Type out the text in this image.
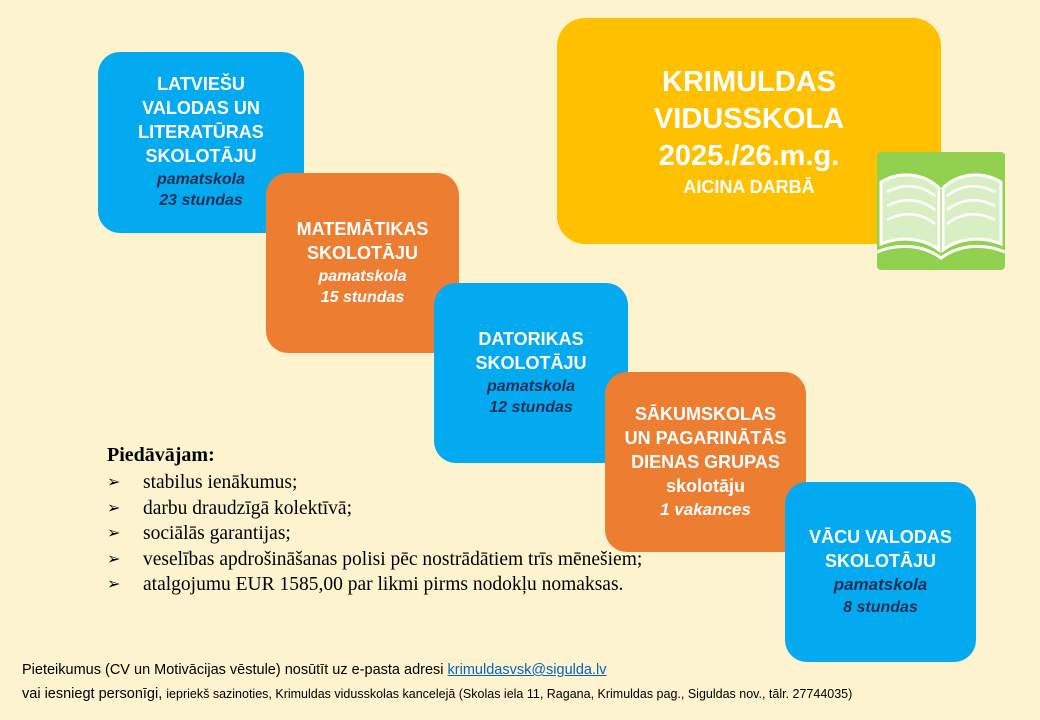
LATVIEŠU
VALODAS UN
LITERATŪRAS
SKOLOTĀJU
pamatskola
23 stundas
MATEMĀTIKAS
SKOLOTĀJU
pamatskola
15 stundas
DATORIKAS
SKOLOTĀJU
pamatskola
12 stundas	SĀKUMSKOLAS
UN PAGARINĀTĀS
DIENAS GRUPAS
skolotāju
1 vakances
VĀCU VALODAS
SKOLOTĀJU
pamatskola
8 stundas
KRIMULDAS
VIDUSSKOLA
2025./26.m.g.
AICINA DARBĀ
Piedāvājam:
➢	stabilus ienākumus;
➢	darbu draudzīgā kolektīvā;
➢	sociālās garantijas;
➢	veselības apdrošināšanas polisi pēc nostrādātiem trīs mēnešiem;
➢	atalgojumu EUR 1585,00 par likmi pirms nodokļu nomaksas.
Pieteikumus (CV un Motivācijas vēstule) nosūtīt uz e-pasta adresi krimuldasvsk@sigulda.lv
vai iesniegt personīgi, iepriekš sazinoties, Krimuldas vidusskolas kancelejā (Skolas iela 11, Ragana, Krimuldas pag., Siguldas nov., tālr. 27744035)
